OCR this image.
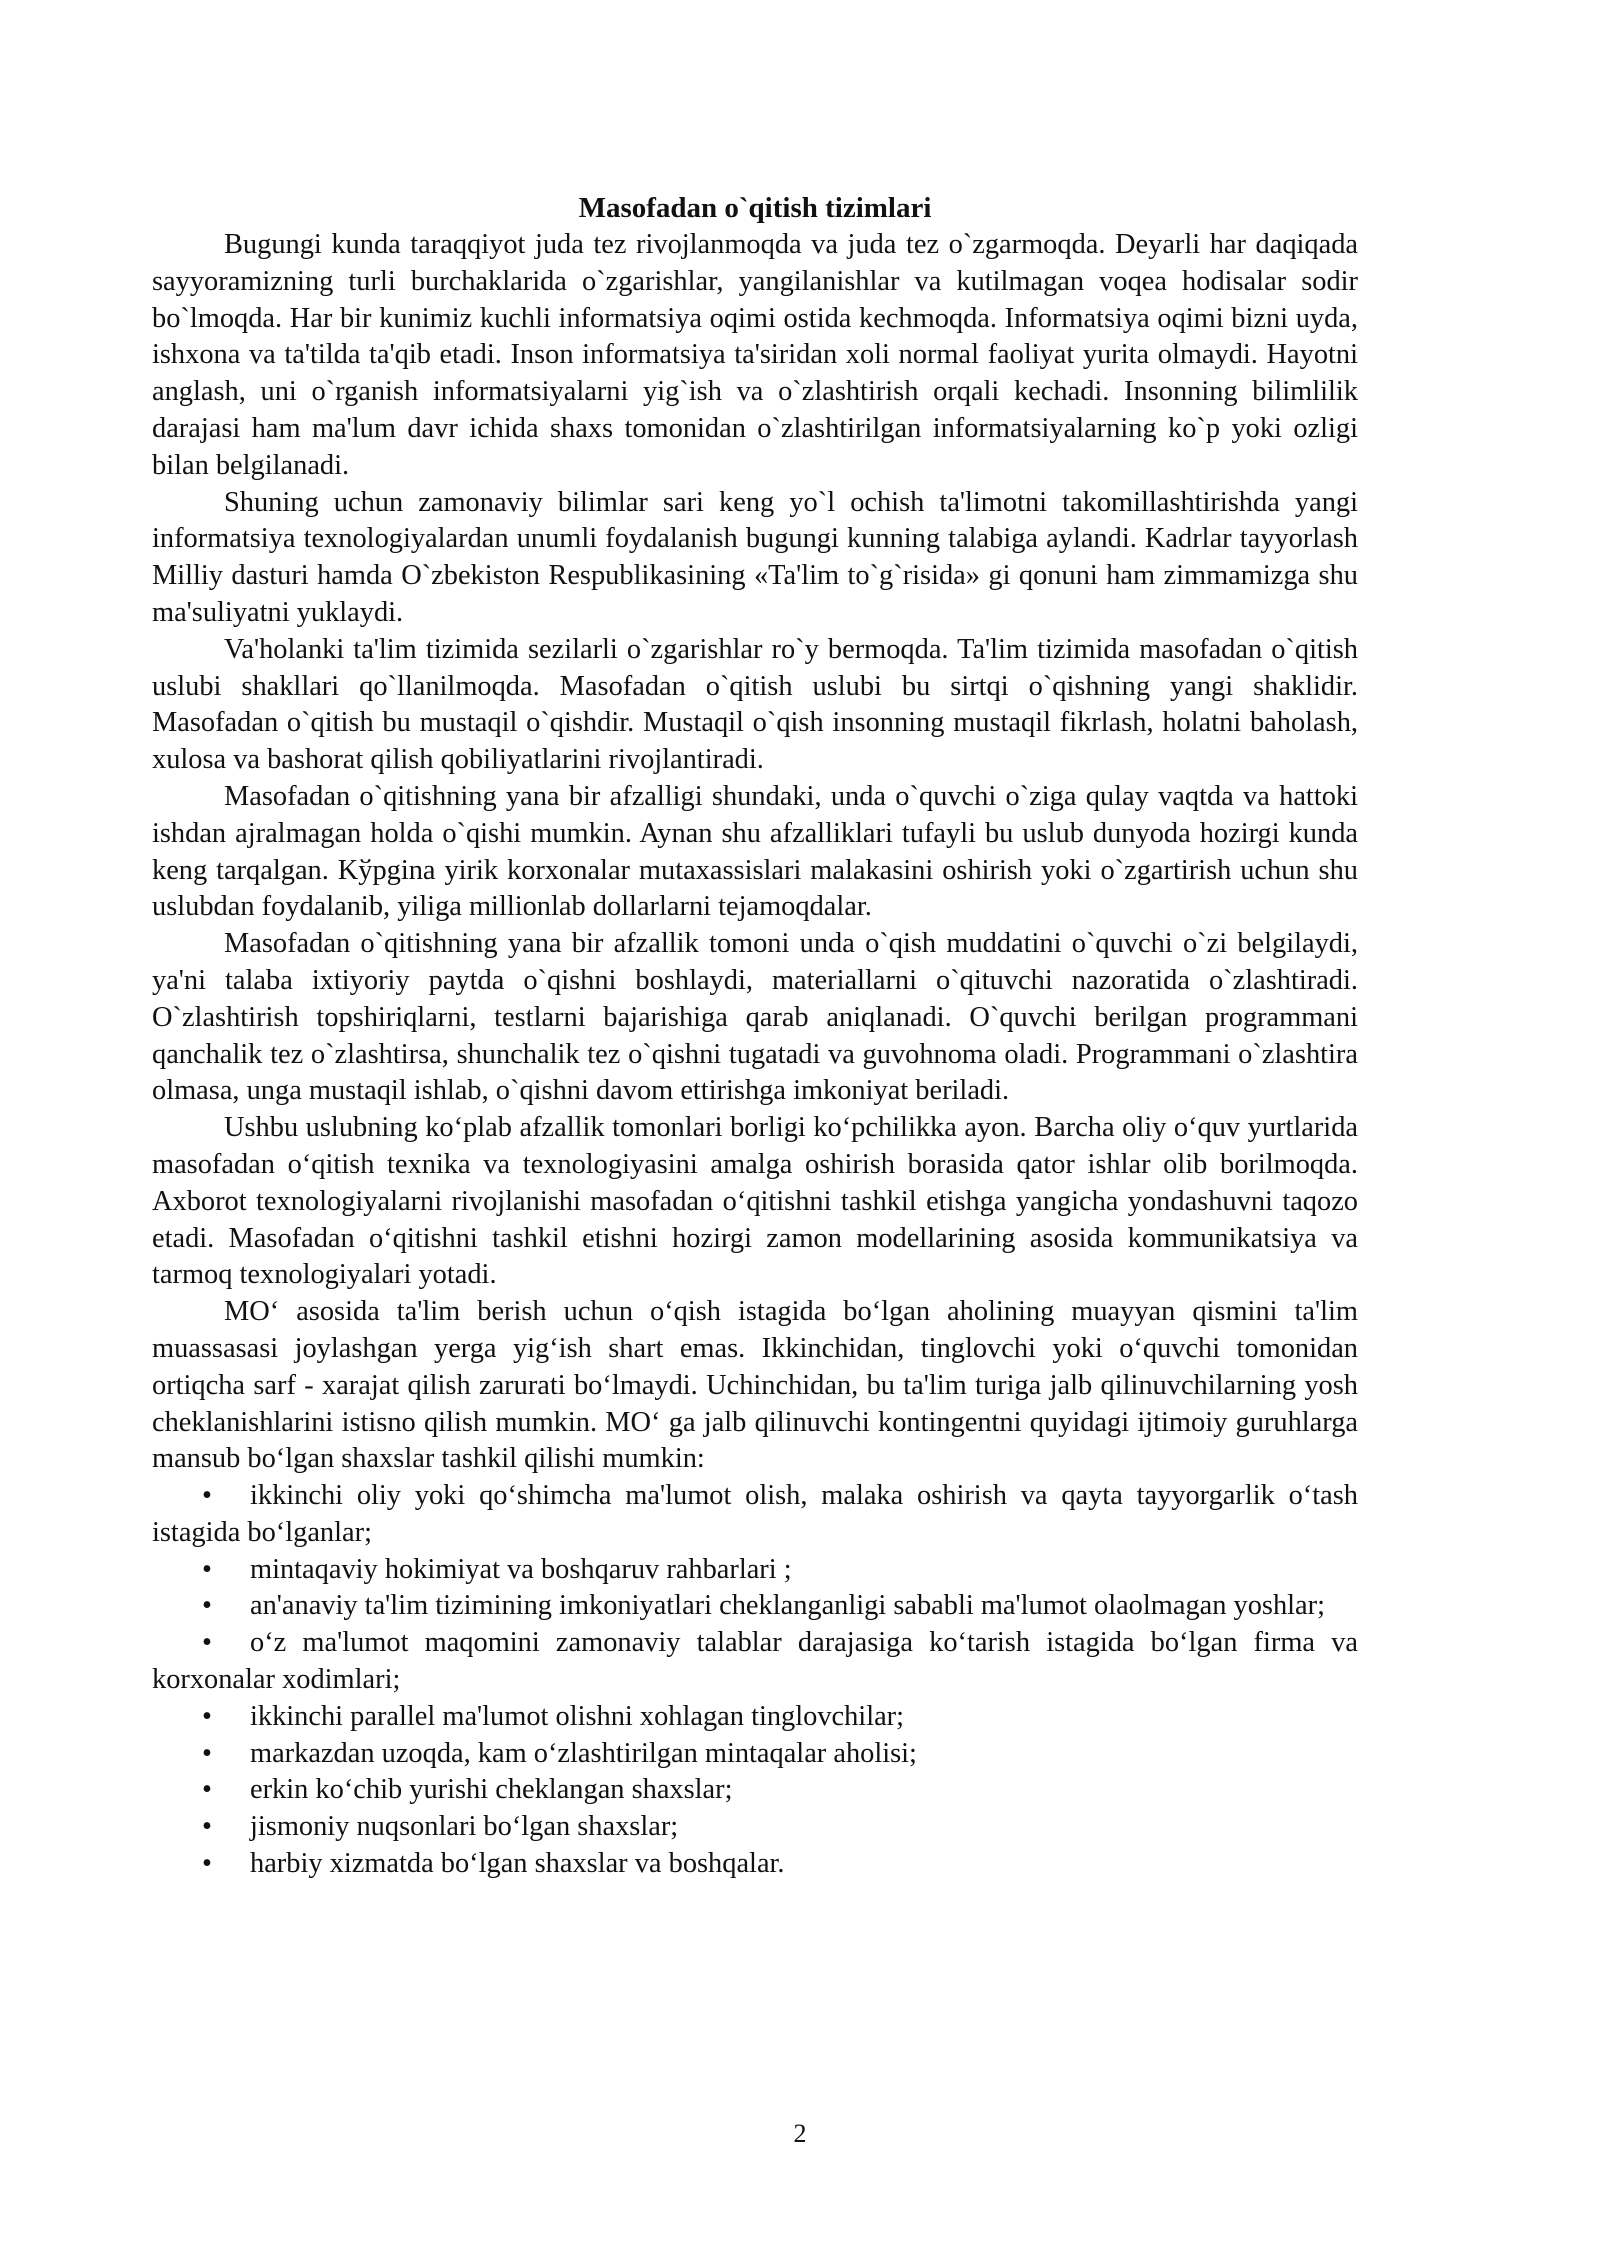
Masofadan o`qitish tizimlari

Bugungi kunda taraqqiyot juda tez rivojlanmoqda va juda tez o`zgarmoqda. Deyarli har daqiqada sayyoramizning turli burchaklarida o`zgarishlar, yangilanishlar va kutilmagan voqea hodisalar sodir bo`lmoqda. Har bir kunimiz kuchli informatsiya oqimi ostida kechmoqda. Informatsiya oqimi bizni uyda, ishxona va ta'tilda ta'qib etadi. Inson informatsiya ta'siridan xoli normal faoliyat yurita olmaydi. Hayotni anglash, uni o`rganish informatsiyalarni yig`ish va o`zlashtirish orqali kechadi. Insonning bilimlilik darajasi ham ma'lum davr ichida shaxs tomonidan o`zlashtirilgan informatsiyalarning ko`p yoki ozligi bilan belgilanadi.

Shuning uchun zamonaviy bilimlar sari keng yo`l ochish ta'limotni takomillashtirishda yangi informatsiya texnologiyalardan unumli foydalanish bugungi kunning talabiga aylandi. Kadrlar tayyorlash Milliy dasturi hamda O`zbekiston Respublikasining «Ta'lim to`g`risida» gi qonuni ham zimmamizga shu ma'suliyatni yuklaydi.

Va'holanki ta'lim tizimida sezilarli o`zgarishlar ro`y bermoqda. Ta'lim tizimida masofadan o`qitish uslubi shakllari qo`llanilmoqda. Masofadan o`qitish uslubi bu sirtqi o`qishning yangi shaklidir. Masofadan o`qitish bu mustaqil o`qishdir. Mustaqil o`qish insonning mustaqil fikrlash, holatni baholash, xulosa va bashorat qilish qobiliyatlarini rivojlantiradi.

Masofadan o`qitishning yana bir afzalligi shundaki, unda o`quvchi o`ziga qulay vaqtda va hattoki ishdan ajralmagan holda o`qishi mumkin. Aynan shu afzalliklari tufayli bu uslub dunyoda hozirgi kunda keng tarqalgan. Kўpgina yirik korxonalar mutaxassislari malakasini oshirish yoki o`zgartirish uchun shu uslubdan foydalanib, yiliga millionlab dollarlarni tejamoqdalar.

Masofadan o`qitishning yana bir afzallik tomoni unda o`qish muddatini o`quvchi o`zi belgilaydi, ya'ni talaba ixtiyoriy paytda o`qishni boshlaydi, materiallarni o`qituvchi nazoratida o`zlashtiradi. O`zlashtirish topshiriqlarni, testlarni bajarishiga qarab aniqlanadi. O`quvchi berilgan programmani qanchalik tez o`zlashtirsa, shunchalik tez o`qishni tugatadi va guvohnoma oladi. Programmani o`zlashtira olmasa, unga mustaqil ishlab, o`qishni davom ettirishga imkoniyat beriladi.

Ushbu uslubning ko‘plab afzallik tomonlari borligi ko‘pchilikka ayon. Barcha oliy o‘quv yurtlarida masofadan o‘qitish texnika va texnologiyasini amalga oshirish borasida qator ishlar olib borilmoqda. Axborot texnologiyalarni rivojlanishi masofadan o‘qitishni tashkil etishga yangicha yondashuvni taqozo etadi. Masofadan o‘qitishni tashkil etishni hozirgi zamon modellarining asosida kommunikatsiya va tarmoq texnologiyalari yotadi.

MO‘ asosida ta'lim berish uchun o‘qish istagida bo‘lgan aholining muayyan qismini ta'lim muassasasi joylashgan yerga yig‘ish shart emas. Ikkinchidan, tinglovchi yoki o‘quvchi tomonidan ortiqcha sarf - xarajat qilish zarurati bo‘lmaydi. Uchinchidan, bu ta'lim turiga jalb qilinuvchilarning yosh cheklanishlarini istisno qilish mumkin. MO‘ ga jalb qilinuvchi kontingentni quyidagi ijtimoiy guruhlarga mansub bo‘lgan shaxslar tashkil qilishi mumkin:

• ikkinchi oliy yoki qo‘shimcha ma'lumot olish, malaka oshirish va qayta tayyorgarlik o‘tash istagida bo‘lganlar;
• mintaqaviy hokimiyat va boshqaruv rahbarlari ;
• an'anaviy ta'lim tizimining imkoniyatlari cheklanganligi sababli ma'lumot olaolmagan yoshlar;
• o‘z ma'lumot maqomini zamonaviy talablar darajasiga ko‘tarish istagida bo‘lgan firma va korxonalar xodimlari;
• ikkinchi parallel ma'lumot olishni xohlagan tinglovchilar;
• markazdan uzoqda, kam o‘zlashtirilgan mintaqalar aholisi;
• erkin ko‘chib yurishi cheklangan shaxslar;
• jismoniy nuqsonlari bo‘lgan shaxslar;
• harbiy xizmatda bo‘lgan shaxslar va boshqalar.
2
